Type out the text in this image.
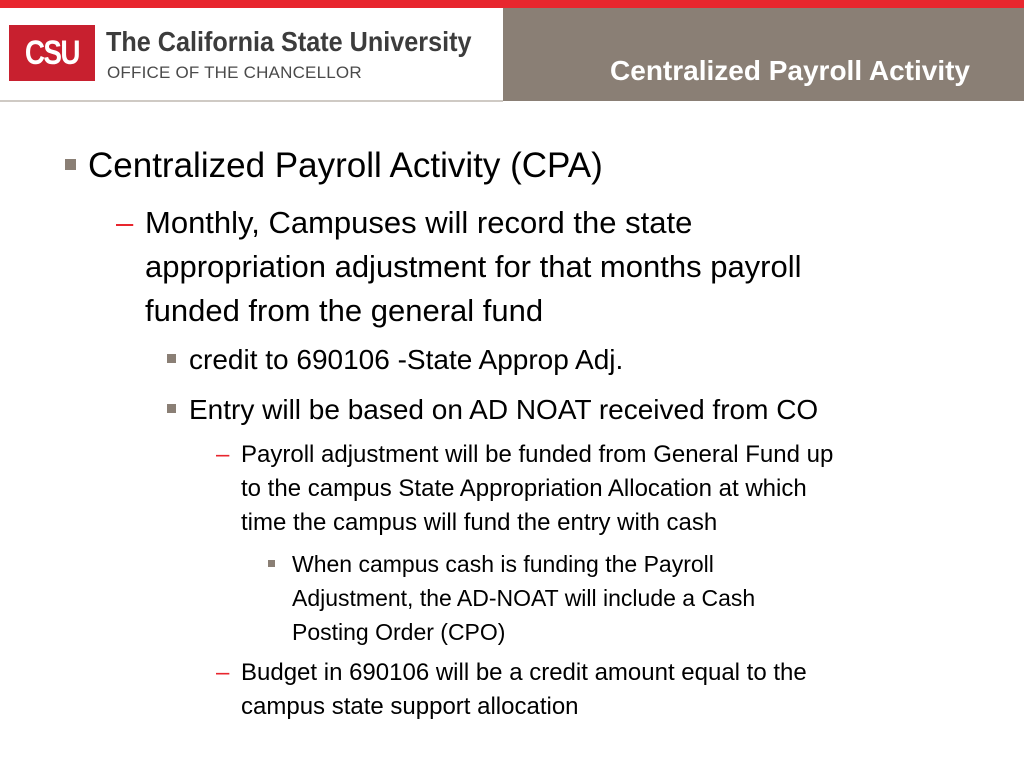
CSU The California State University
OFFICE OF THE CHANCELLOR	Centralized Payroll Activity
Centralized Payroll Activity (CPA)
– Monthly, Campuses will record the state
appropriation adjustment for that months payroll
funded from the general fund
credit to 690106 -State Approp Adj.
Entry will be based on AD NOAT received from CO
– Payroll adjustment will be funded from General Fund up
to the campus State Appropriation Allocation at which
time the campus will fund the entry with cash
When campus cash is funding the Payroll
Adjustment, the AD-NOAT will include a Cash
Posting Order (CPO)
– Budget in 690106 will be a credit amount equal to the
campus state support allocation
